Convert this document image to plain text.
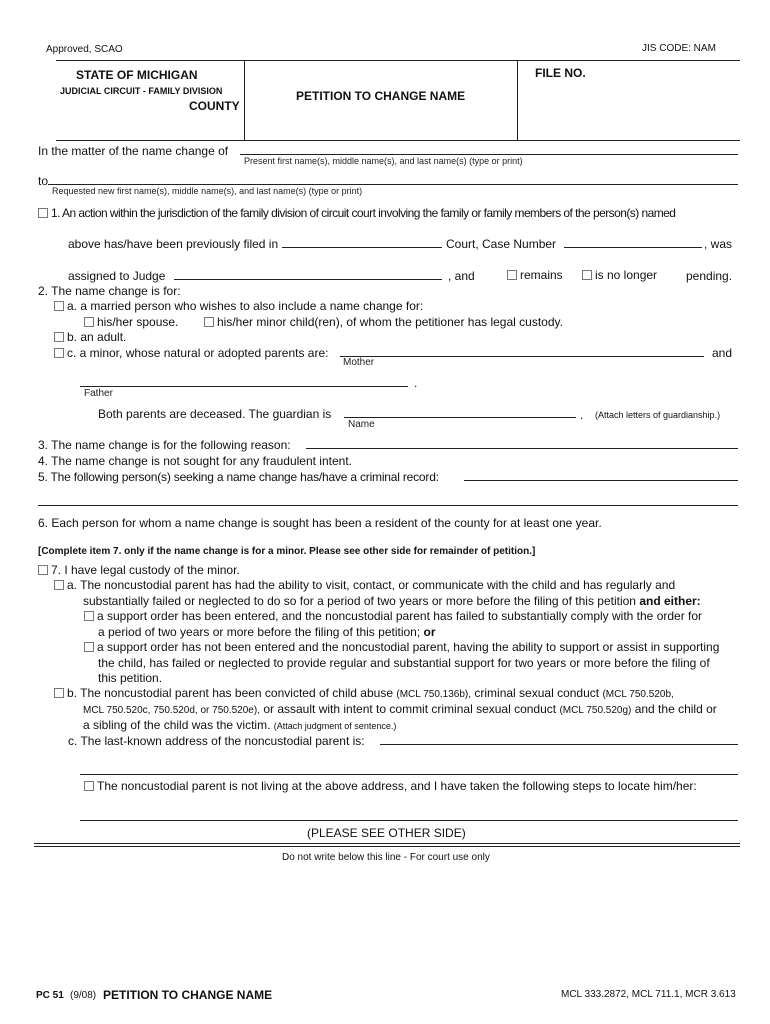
Approved, SCAO	JIS CODE: NAM
STATE OF MICHIGAN
JUDICIAL CIRCUIT - FAMILY DIVISION
COUNTY
PETITION TO CHANGE NAME
FILE NO.
In the matter of the name change of
Present first name(s), middle name(s), and last name(s) (type or print)
to
Requested new first name(s), middle name(s), and last name(s) (type or print)
1. An action within the jurisdiction of the family division of circuit court involving the family or family members of the person(s) named
above has/have been previously filed in	Court, Case Number	, was
assigned to Judge	, and	remains	is no longer pending.
2. The name change is for:
a. a married person who wishes to also include a name change for:
his/her spouse.	his/her minor child(ren), of whom the petitioner has legal custody.
b. an adult.
c. a minor, whose natural or adopted parents are:	and
Mother
.
Father
Both parents are deceased. The guardian is	. (Attach letters of guardianship.)
Name
3. The name change is for the following reason:
4. The name change is not sought for any fraudulent intent.
5. The following person(s) seeking a name change has/have a criminal record:
6. Each person for whom a name change is sought has been a resident of the county for at least one year.
[Complete item 7. only if the name change is for a minor. Please see other side for remainder of petition.]
7. I have legal custody of the minor.
a. The noncustodial parent has had the ability to visit, contact, or communicate with the child and has regularly and
substantially failed or neglected to do so for a period of two years or more before the filing of this petition and either:
a support order has been entered, and the noncustodial parent has failed to substantially comply with the order for
a period of two years or more before the filing of this petition; or
a support order has not been entered and the noncustodial parent, having the ability to support or assist in supporting
the child, has failed or neglected to provide regular and substantial support for two years or more before the filing of
this petition.
b. The noncustodial parent has been convicted of child abuse (MCL 750.136b), criminal sexual conduct (MCL 750.520b,
MCL 750.520c, 750.520d, or 750.520e), or assault with intent to commit criminal sexual conduct (MCL 750.520g) and the child or
a sibling of the child was the victim. (Attach judgment of sentence.)
c. The last-known address of the noncustodial parent is:
The noncustodial parent is not living at the above address, and I have taken the following steps to locate him/her:
(PLEASE SEE OTHER SIDE)
Do not write below this line - For court use only
PC 51 (9/08) PETITION TO CHANGE NAME	MCL 333.2872, MCL 711.1, MCR 3.613
